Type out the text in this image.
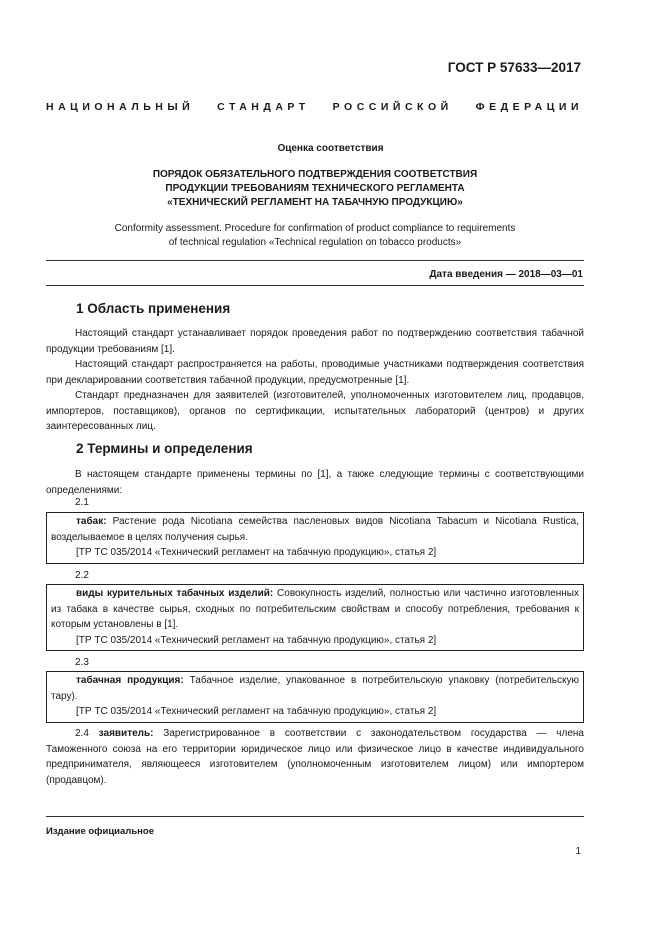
ГОСТ Р 57633—2017
НАЦИОНАЛЬНЫЙ СТАНДАРТ РОССИЙСКОЙ ФЕДЕРАЦИИ
Оценка соответствия
ПОРЯДОК ОБЯЗАТЕЛЬНОГО ПОДТВЕРЖДЕНИЯ СООТВЕТСТВИЯ
ПРОДУКЦИИ ТРЕБОВАНИЯМ ТЕХНИЧЕСКОГО РЕГЛАМЕНТА
«ТЕХНИЧЕСКИЙ РЕГЛАМЕНТ НА ТАБАЧНУЮ ПРОДУКЦИЮ»
Conformity assessment. Procedure for confirmation of product compliance to requirements
of technical regulation «Technical regulation on tobacco products»
Дата введения — 2018—03—01
1 Область применения
Настоящий стандарт устанавливает порядок проведения работ по подтверждению соответствия табачной продукции требованиям [1].
Настоящий стандарт распространяется на работы, проводимые участниками подтверждения соответствия при декларировании соответствия табачной продукции, предусмотренные [1].
Стандарт предназначен для заявителей (изготовителей, уполномоченных изготовителем лиц, продавцов, импортеров, поставщиков), органов по сертификации, испытательных лабораторий (центров) и других заинтересованных лиц.
2 Термины и определения
В настоящем стандарте применены термины по [1], а также следующие термины с соответствующими определениями:
2.1
табак: Растение рода Nicotiana семейства пасленовых видов Nicotiana Tabacum и Nicotiana Rustica, возделываемое в целях получения сырья.
[ТР ТС 035/2014 «Технический регламент на табачную продукцию», статья 2]
2.2
виды курительных табачных изделий: Совокупность изделий, полностью или частично изготовленных из табака в качестве сырья, сходных по потребительским свойствам и способу потребления, требования к которым установлены в [1].
[ТР ТС 035/2014 «Технический регламент на табачную продукцию», статья 2]
2.3
табачная продукция: Табачное изделие, упакованное в потребительскую упаковку (потребительскую тару).
[ТР ТС 035/2014 «Технический регламент на табачную продукцию», статья 2]
2.4 заявитель: Зарегистрированное в соответствии с законодательством государства — члена Таможенного союза на его территории юридическое лицо или физическое лицо в качестве индивидуального предпринимателя, являющееся изготовителем (уполномоченным изготовителем лицом) или импортером (продавцом).
Издание официальное
1
